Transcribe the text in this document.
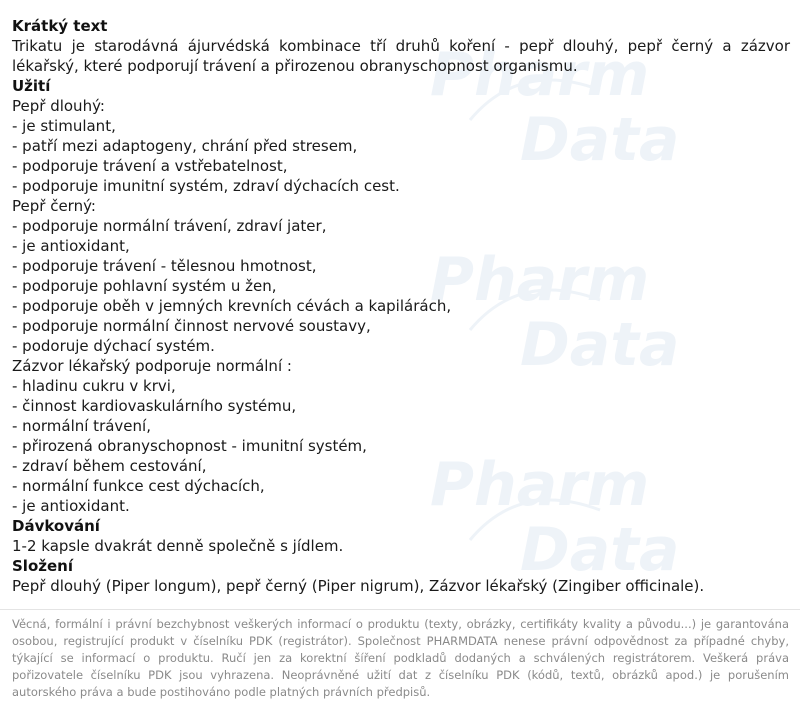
Pharm
Data
Pharm
Data
Pharm
Data
Krátký text
Trikatu je starodávná ájurvédská kombinace tří druhů koření - pepř dlouhý, pepř černý a zázvor lékařský, které podporují trávení a přirozenou obranyschopnost organismu.
Užití
Pepř dlouhý:
- je stimulant,
- patří mezi adaptogeny, chrání před stresem,
- podporuje trávení a vstřebatelnost,
- podporuje imunitní systém, zdraví dýchacích cest.
Pepř černý:
- podporuje normální trávení, zdraví jater,
- je antioxidant,
- podporuje trávení - tělesnou hmotnost,
- podporuje pohlavní systém u žen,
- podporuje oběh v jemných krevních cévách a kapilárách,
- podporuje normální činnost nervové soustavy,
- podoruje dýchací systém.
Zázvor lékařský podporuje normální :
- hladinu cukru v krvi,
- činnost kardiovaskulárního systému,
- normální trávení,
- přirozená obranyschopnost - imunitní systém,
- zdraví během cestování,
- normální funkce cest dýchacích,
- je antioxidant.
Dávkování
1-2 kapsle dvakrát denně společně s jídlem.
Složení
Pepř dlouhý (Piper longum), pepř černý (Piper nigrum), Zázvor lékařský (Zingiber officinale).
Věcná, formální i právní bezchybnost veškerých informací o produktu (texty, obrázky, certifikáty kvality a původu...) je garantována osobou, registrující produkt v číselníku PDK (registrátor). Společnost PHARMDATA nenese právní odpovědnost za případné chyby, týkající se informací o produktu. Ručí jen za korektní šíření podkladů dodaných a schválených registrátorem. Veškerá práva pořizovatele číselníku PDK jsou vyhrazena. Neoprávněné užití dat z číselníku PDK (kódů, textů, obrázků apod.) je porušením autorského práva a bude postihováno podle platných právních předpisů.
